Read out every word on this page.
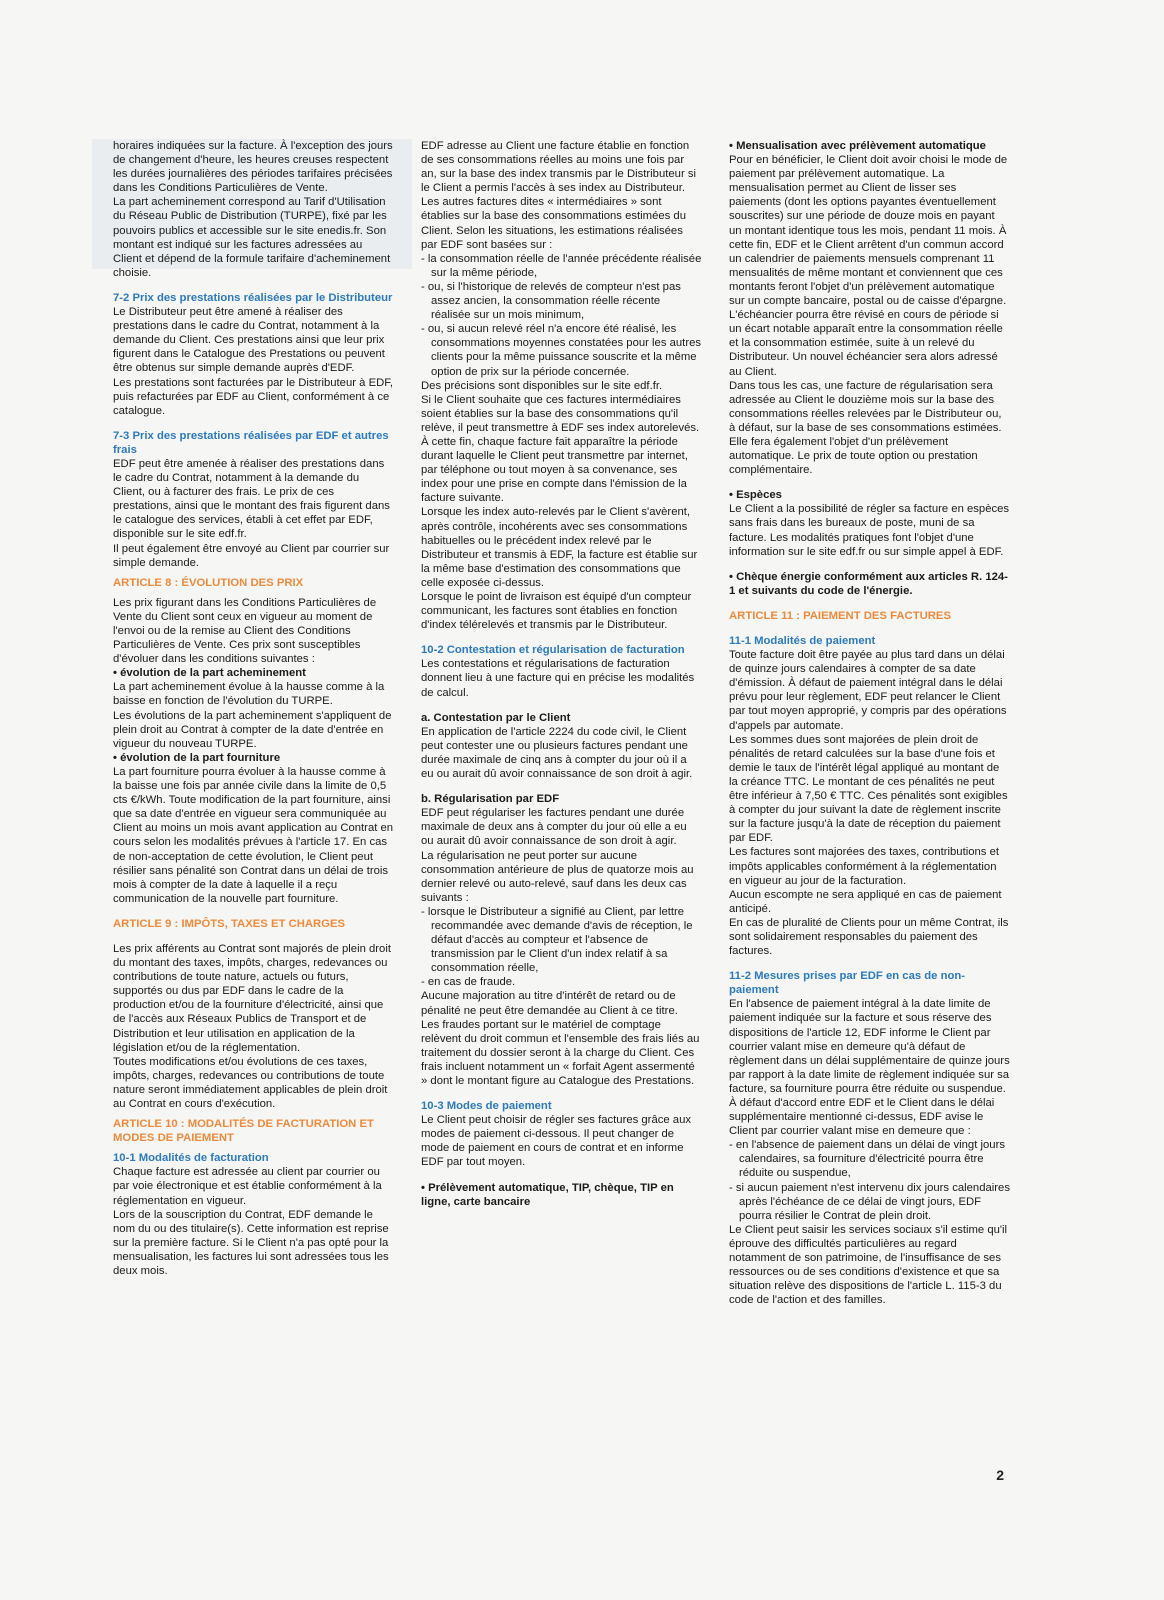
horaires indiquées sur la facture. À l'exception des jours de changement d'heure, les heures creuses respectent les durées journalières des périodes tarifaires précisées dans les Conditions Particulières de Vente.

La part acheminement correspond au Tarif d'Utilisation du Réseau Public de Distribution (TURPE), fixé par les pouvoirs publics et accessible sur le site enedis.fr. Son montant est indiqué sur les factures adressées au Client et dépend de la formule tarifaire d'acheminement choisie.

7-2 Prix des prestations réalisées par le Distributeur

Le Distributeur peut être amené à réaliser des prestations dans le cadre du Contrat, notamment à la demande du Client. Ces prestations ainsi que leur prix figurent dans le Catalogue des Prestations ou peuvent être obtenus sur simple demande auprès d'EDF.

Les prestations sont facturées par le Distributeur à EDF, puis refacturées par EDF au Client, conformément à ce catalogue.

7-3 Prix des prestations réalisées par EDF et autres frais

EDF peut être amenée à réaliser des prestations dans le cadre du Contrat, notamment à la demande du Client, ou à facturer des frais. Le prix de ces prestations, ainsi que le montant des frais figurent dans le catalogue des services, établi à cet effet par EDF, disponible sur le site edf.fr.

Il peut également être envoyé au Client par courrier sur simple demande.

ARTICLE 8 : ÉVOLUTION DES PRIX

Les prix figurant dans les Conditions Particulières de Vente du Client sont ceux en vigueur au moment de l'envoi ou de la remise au Client des Conditions Particulières de Vente. Ces prix sont susceptibles d'évoluer dans les conditions suivantes :

• évolution de la part acheminement

La part acheminement évolue à la hausse comme à la baisse en fonction de l'évolution du TURPE.

Les évolutions de la part acheminement s'appliquent de plein droit au Contrat à compter de la date d'entrée en vigueur du nouveau TURPE.

• évolution de la part fourniture

La part fourniture pourra évoluer à la hausse comme à la baisse une fois par année civile dans la limite de 0,5 cts €/kWh. Toute modification de la part fourniture, ainsi que sa date d'entrée en vigueur sera communiquée au Client au moins un mois avant application au Contrat en cours selon les modalités prévues à l'article 17. En cas de non-acceptation de cette évolution, le Client peut résilier sans pénalité son Contrat dans un délai de trois mois à compter de la date à laquelle il a reçu communication de la nouvelle part fourniture.

ARTICLE 9 : IMPÔTS, TAXES ET CHARGES

Les prix afférents au Contrat sont majorés de plein droit du montant des taxes, impôts, charges, redevances ou contributions de toute nature, actuels ou futurs, supportés ou dus par EDF dans le cadre de la production et/ou de la fourniture d'électricité, ainsi que de l'accès aux Réseaux Publics de Transport et de Distribution et leur utilisation en application de la législation et/ou de la réglementation.

Toutes modifications et/ou évolutions de ces taxes, impôts, charges, redevances ou contributions de toute nature seront immédiatement applicables de plein droit au Contrat en cours d'exécution.

ARTICLE 10 : MODALITÉS DE FACTURATION ET MODES DE PAIEMENT

10-1 Modalités de facturation

Chaque facture est adressée au client par courrier ou par voie électronique et est établie conformément à la réglementation en vigueur.

Lors de la souscription du Contrat, EDF demande le nom du ou des titulaire(s). Cette information est reprise sur la première facture. Si le Client n'a pas opté pour la mensualisation, les factures lui sont adressées tous les deux mois.

EDF adresse au Client une facture établie en fonction de ses consommations réelles au moins une fois par an, sur la base des index transmis par le Distributeur si le Client a permis l'accès à ses index au Distributeur. Les autres factures dites « intermédiaires » sont établies sur la base des consommations estimées du Client. Selon les situations, les estimations réalisées par EDF sont basées sur :

- la consommation réelle de l'année précédente réalisée sur la même période,

- ou, si l'historique de relevés de compteur n'est pas assez ancien, la consommation réelle récente réalisée sur un mois minimum,

- ou, si aucun relevé réel n'a encore été réalisé, les consommations moyennes constatées pour les autres clients pour la même puissance souscrite et la même option de prix sur la période concernée.

Des précisions sont disponibles sur le site edf.fr.

Si le Client souhaite que ces factures intermédiaires soient établies sur la base des consommations qu'il relève, il peut transmettre à EDF ses index autorelevés.

À cette fin, chaque facture fait apparaître la période durant laquelle le Client peut transmettre par internet, par téléphone ou tout moyen à sa convenance, ses index pour une prise en compte dans l'émission de la facture suivante.

Lorsque les index auto-relevés par le Client s'avèrent, après contrôle, incohérents avec ses consommations habituelles ou le précédent index relevé par le Distributeur et transmis à EDF, la facture est établie sur la même base d'estimation des consommations que celle exposée ci-dessus.

Lorsque le point de livraison est équipé d'un compteur communicant, les factures sont établies en fonction d'index télérelevés et transmis par le Distributeur.

10-2 Contestation et régularisation de facturation

Les contestations et régularisations de facturation donnent lieu à une facture qui en précise les modalités de calcul.

a. Contestation par le Client

En application de l'article 2224 du code civil, le Client peut contester une ou plusieurs factures pendant une durée maximale de cinq ans à compter du jour où il a eu ou aurait dû avoir connaissance de son droit à agir.

b. Régularisation par EDF

EDF peut régulariser les factures pendant une durée maximale de deux ans à compter du jour où elle a eu ou aurait dû avoir connaissance de son droit à agir.

La régularisation ne peut porter sur aucune consommation antérieure de plus de quatorze mois au dernier relevé ou auto-relevé, sauf dans les deux cas suivants :

- lorsque le Distributeur a signifié au Client, par lettre recommandée avec demande d'avis de réception, le défaut d'accès au compteur et l'absence de transmission par le Client d'un index relatif à sa consommation réelle,

- en cas de fraude.

Aucune majoration au titre d'intérêt de retard ou de pénalité ne peut être demandée au Client à ce titre.

Les fraudes portant sur le matériel de comptage relèvent du droit commun et l'ensemble des frais liés au traitement du dossier seront à la charge du Client. Ces frais incluent notamment un « forfait Agent assermenté » dont le montant figure au Catalogue des Prestations.

10-3 Modes de paiement

Le Client peut choisir de régler ses factures grâce aux modes de paiement ci-dessous. Il peut changer de mode de paiement en cours de contrat et en informe EDF par tout moyen.

• Prélèvement automatique, TIP, chèque, TIP en ligne, carte bancaire

• Mensualisation avec prélèvement automatique

Pour en bénéficier, le Client doit avoir choisi le mode de paiement par prélèvement automatique. La mensualisation permet au Client de lisser ses paiements (dont les options payantes éventuellement souscrites) sur une période de douze mois en payant un montant identique tous les mois, pendant 11 mois. À cette fin, EDF et le Client arrêtent d'un commun accord un calendrier de paiements mensuels comprenant 11 mensualités de même montant et conviennent que ces montants feront l'objet d'un prélèvement automatique sur un compte bancaire, postal ou de caisse d'épargne. L'échéancier pourra être révisé en cours de période si un écart notable apparaît entre la consommation réelle et la consommation estimée, suite à un relevé du Distributeur. Un nouvel échéancier sera alors adressé au Client.

Dans tous les cas, une facture de régularisation sera adressée au Client le douzième mois sur la base des consommations réelles relevées par le Distributeur ou, à défaut, sur la base de ses consommations estimées. Elle fera également l'objet d'un prélèvement automatique. Le prix de toute option ou prestation complémentaire.

• Espèces

Le Client a la possibilité de régler sa facture en espèces sans frais dans les bureaux de poste, muni de sa facture. Les modalités pratiques font l'objet d'une information sur le site edf.fr ou sur simple appel à EDF.

• Chèque énergie conformément aux articles R. 124-1 et suivants du code de l'énergie.

ARTICLE 11 : PAIEMENT DES FACTURES

11-1 Modalités de paiement

Toute facture doit être payée au plus tard dans un délai de quinze jours calendaires à compter de sa date d'émission. À défaut de paiement intégral dans le délai prévu pour leur règlement, EDF peut relancer le Client par tout moyen approprié, y compris par des opérations d'appels par automate.

Les sommes dues sont majorées de plein droit de pénalités de retard calculées sur la base d'une fois et demie le taux de l'intérêt légal appliqué au montant de la créance TTC. Le montant de ces pénalités ne peut être inférieur à 7,50 € TTC. Ces pénalités sont exigibles à compter du jour suivant la date de règlement inscrite sur la facture jusqu'à la date de réception du paiement par EDF.

Les factures sont majorées des taxes, contributions et impôts applicables conformément à la réglementation en vigueur au jour de la facturation.

Aucun escompte ne sera appliqué en cas de paiement anticipé.

En cas de pluralité de Clients pour un même Contrat, ils sont solidairement responsables du paiement des factures.

11-2 Mesures prises par EDF en cas de non-paiement

En l'absence de paiement intégral à la date limite de paiement indiquée sur la facture et sous réserve des dispositions de l'article 12, EDF informe le Client par courrier valant mise en demeure qu'à défaut de règlement dans un délai supplémentaire de quinze jours par rapport à la date limite de règlement indiquée sur sa facture, sa fourniture pourra être réduite ou suspendue.

À défaut d'accord entre EDF et le Client dans le délai supplémentaire mentionné ci-dessus, EDF avise le Client par courrier valant mise en demeure que :

- en l'absence de paiement dans un délai de vingt jours calendaires, sa fourniture d'électricité pourra être réduite ou suspendue,

- si aucun paiement n'est intervenu dix jours calendaires après l'échéance de ce délai de vingt jours, EDF pourra résilier le Contrat de plein droit.

Le Client peut saisir les services sociaux s'il estime qu'il éprouve des difficultés particulières au regard notamment de son patrimoine, de l'insuffisance de ses ressources ou de ses conditions d'existence et que sa situation relève des dispositions de l'article L. 115-3 du code de l'action et des familles.

2
